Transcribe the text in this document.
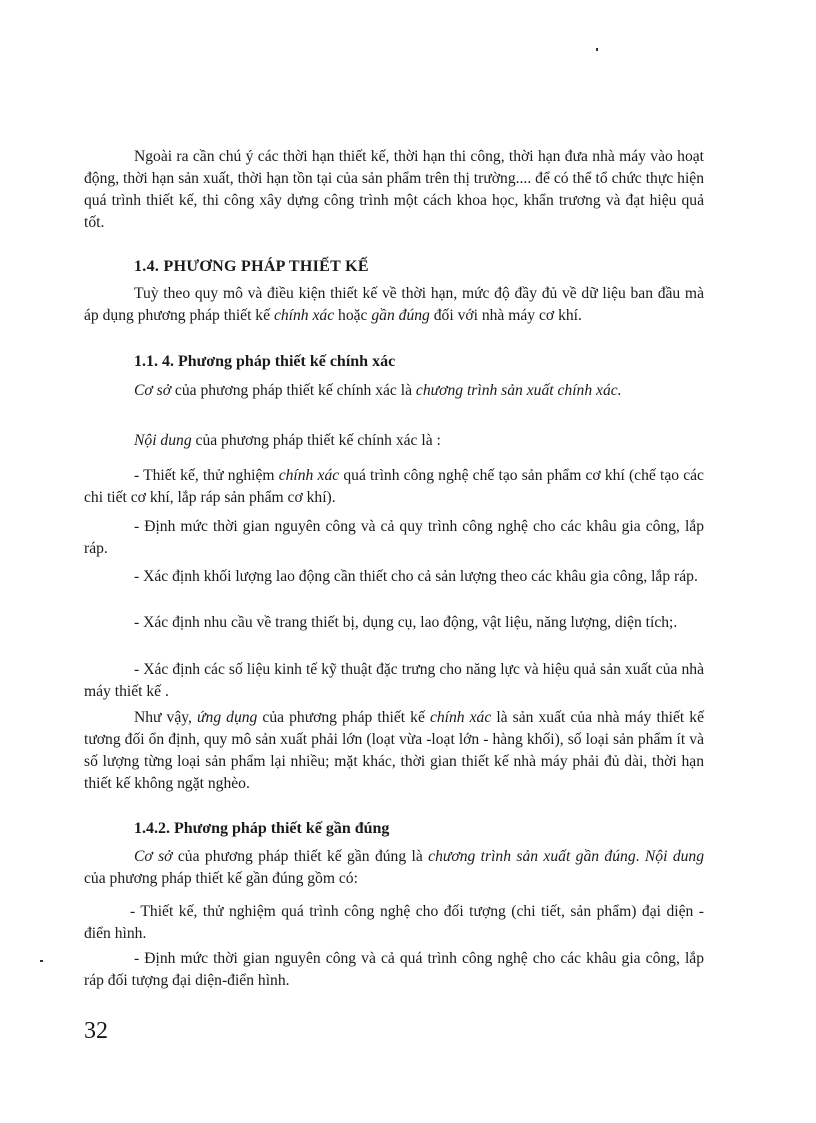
Ngoài ra cần chú ý các thời hạn thiết kế, thời hạn thi công, thời hạn đưa nhà máy vào hoạt động, thời hạn sản xuất, thời hạn tồn tại của sản phẩm trên thị trường.... để có thể tổ chức thực hiện quá trình thiết kế, thi công xây dựng công trình một cách khoa học, khẩn trương và đạt hiệu quả tốt.

1.4. PHƯƠNG PHÁP THIẾT KẾ

Tuỳ theo quy mô và điều kiện thiết kế về thời hạn, mức độ đầy đủ về dữ liệu ban đầu mà áp dụng phương pháp thiết kế chính xác hoặc gần đúng đối với nhà máy cơ khí.

1.1. 4. Phương pháp thiết kế chính xác

Cơ sở của phương pháp thiết kế chính xác là chương trình sản xuất chính xác.

Nội dung của phương pháp thiết kế chính xác là :

- Thiết kế, thử nghiệm chính xác quá trình công nghệ chế tạo sản phẩm cơ khí (chế tạo các chi tiết cơ khí, lắp ráp sản phẩm cơ khí).

- Định mức thời gian nguyên công và cả quy trình công nghệ cho các khâu gia công, lắp ráp.

- Xác định khối lượng lao động cần thiết cho cả sản lượng theo các khâu gia công, lắp ráp.

- Xác định nhu cầu về trang thiết bị, dụng cụ, lao động, vật liệu, năng lượng, diện tích;.

- Xác định các số liệu kinh tế kỹ thuật đặc trưng cho năng lực và hiệu quả sản xuất của nhà máy thiết kế .

Như vậy, ứng dụng của phương pháp thiết kế chính xác là sản xuất của nhà máy thiết kế tương đối ổn định, quy mô sản xuất phải lớn (loạt vừa -loạt lớn - hàng khối), số loại sản phẩm ít và số lượng từng loại sản phẩm lại nhiều; mặt khác, thời gian thiết kế nhà máy phải đủ dài, thời hạn thiết kế không ngặt nghèo.

1.4.2. Phương pháp thiết kế gần đúng

Cơ sở của phương pháp thiết kế gần đúng là chương trình sản xuất gần đúng. Nội dung của phương pháp thiết kế gần đúng gồm có:

- Thiết kế, thử nghiệm quá trình công nghệ cho đối tượng (chi tiết, sản phẩm) đại diện - điển hình.

- Định mức thời gian nguyên công và cả quá trình công nghệ cho các khâu gia công, lắp ráp đối tượng đại diện-điển hình.

32
